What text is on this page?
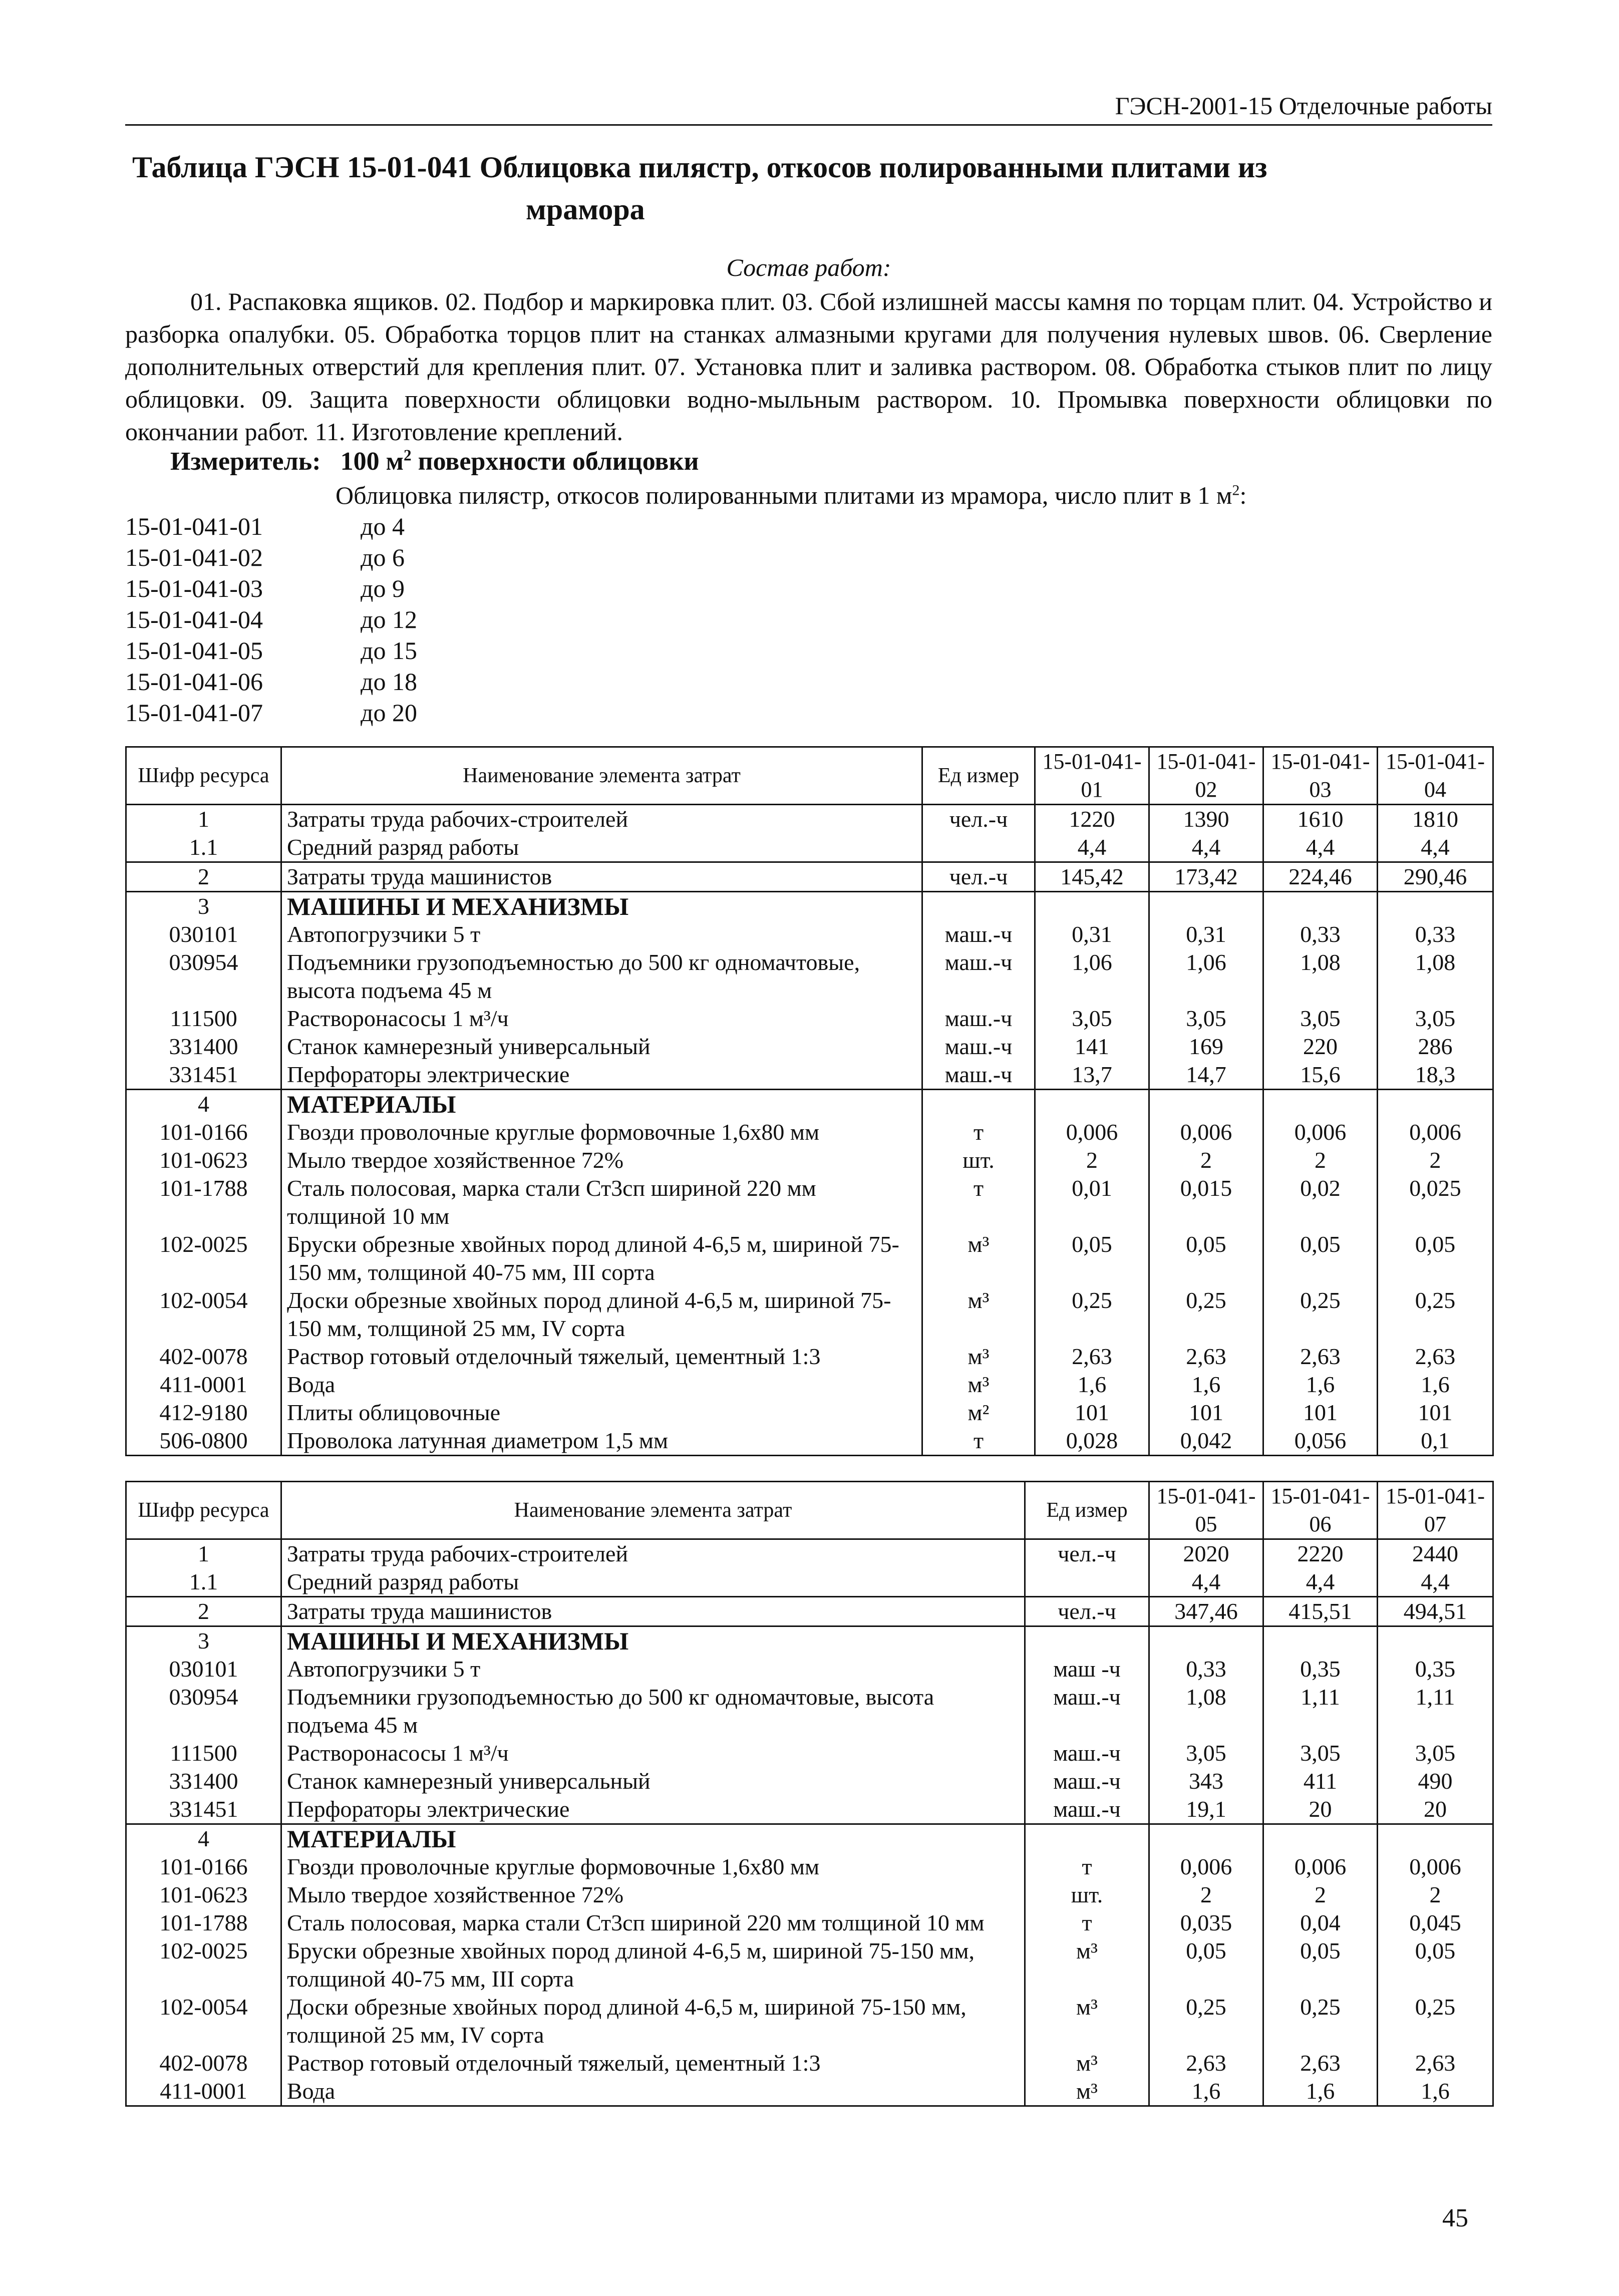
ГЭСН-2001-15 Отделочные работы
Таблица ГЭСН 15-01-041 Облицовка пилястр, откосов полированными плитами из
мрамора
Состав работ:
01. Распаковка ящиков. 02. Подбор и маркировка плит. 03. Сбой излишней массы камня по торцам плит. 04. Устройство и разборка опалубки. 05. Обработка торцов плит на станках алмазными кругами для получения нулевых швов. 06. Сверление дополнительных отверстий для крепления плит. 07. Установка плит и заливка раствором. 08. Обработка стыков плит по лицу облицовки. 09. Защита поверхности облицовки водно-мыльным раствором. 10. Промывка поверхности облицовки по окончании работ. 11. Изготовление креплений.
Измеритель: 100 $м^2$ поверхности облицовки
Облицовка пилястр, откосов полированными плитами из мрамора, число плит в 1 $м^2$:
15-01-041-01	до 4
15-01-041-02	до 6
15-01-041-03	до 9
15-01-041-04	до 12
15-01-041-05	до 15
15-01-041-06	до 18
15-01-041-07	до 20
Шифр ресурса	Наименование элемента затрат	Ед измер	15-01-041-01	15-01-041-02	15-01-041-03	15-01-041-04
1	Затраты труда рабочих-строителей	чел.-ч	1220	1390	1610	1810
1.1	Средний разряд работы		4,4	4,4	4,4	4,4
2	Затраты труда машинистов	чел.-ч	145,42	173,42	224,46	290,46
3	МАШИНЫ И МЕХАНИЗМЫ					
030101	Автопогрузчики 5 т	маш.-ч	0,31	0,31	0,33	0,33
030954	Подъемники грузоподъемностью до 500 кг одномачтовые, высота подъема 45 м	маш.-ч	1,06	1,06	1,08	1,08
111500	Растворонасосы 1 м³/ч	маш.-ч	3,05	3,05	3,05	3,05
331400	Станок камнерезный универсальный	маш.-ч	141	169	220	286
331451	Перфораторы электрические	маш.-ч	13,7	14,7	15,6	18,3
4	МАТЕРИАЛЫ					
101-0166	Гвозди проволочные круглые формовочные 1,6х80 мм	т	0,006	0,006	0,006	0,006
101-0623	Мыло твердое хозяйственное 72%	шт.	2	2	2	2
101-1788	Сталь полосовая, марка стали Ст3сп шириной 220 мм толщиной 10 мм	т	0,01	0,015	0,02	0,025
102-0025	Бруски обрезные хвойных пород длиной 4-6,5 м, шириной 75-150 мм, толщиной 40-75 мм, III сорта	м³	0,05	0,05	0,05	0,05
102-0054	Доски обрезные хвойных пород длиной 4-6,5 м, шириной 75-150 мм, толщиной 25 мм, IV сорта	м³	0,25	0,25	0,25	0,25
402-0078	Раствор готовый отделочный тяжелый, цементный 1:3	м³	2,63	2,63	2,63	2,63
411-0001	Вода	м³	1,6	1,6	1,6	1,6
412-9180	Плиты облицовочные	м²	101	101	101	101
506-0800	Проволока латунная диаметром 1,5 мм	т	0,028	0,042	0,056	0,1
Шифр ресурса	Наименование элемента затрат	Ед измер	15-01-041-05	15-01-041-06	15-01-041-07
1	Затраты труда рабочих-строителей	чел.-ч	2020	2220	2440
1.1	Средний разряд работы		4,4	4,4	4,4
2	Затраты труда машинистов	чел.-ч	347,46	415,51	494,51
3	МАШИНЫ И МЕХАНИЗМЫ				
030101	Автопогрузчики 5 т	маш -ч	0,33	0,35	0,35
030954	Подъемники грузоподъемностью до 500 кг одномачтовые, высота подъема 45 м	маш.-ч	1,08	1,11	1,11
111500	Растворонасосы 1 м³/ч	маш.-ч	3,05	3,05	3,05
331400	Станок камнерезный универсальный	маш.-ч	343	411	490
331451	Перфораторы электрические	маш.-ч	19,1	20	20
4	МАТЕРИАЛЫ				
101-0166	Гвозди проволочные круглые формовочные 1,6х80 мм	т	0,006	0,006	0,006
101-0623	Мыло твердое хозяйственное 72%	шт.	2	2	2
101-1788	Сталь полосовая, марка стали Ст3сп шириной 220 мм толщиной 10 мм	т	0,035	0,04	0,045
102-0025	Бруски обрезные хвойных пород длиной 4-6,5 м, шириной 75-150 мм, толщиной 40-75 мм, III сорта	м³	0,05	0,05	0,05
102-0054	Доски обрезные хвойных пород длиной 4-6,5 м, шириной 75-150 мм, толщиной 25 мм, IV сорта	м³	0,25	0,25	0,25
402-0078	Раствор готовый отделочный тяжелый, цементный 1:3	м³	2,63	2,63	2,63
411-0001	Вода	м³	1,6	1,6	1,6
45
